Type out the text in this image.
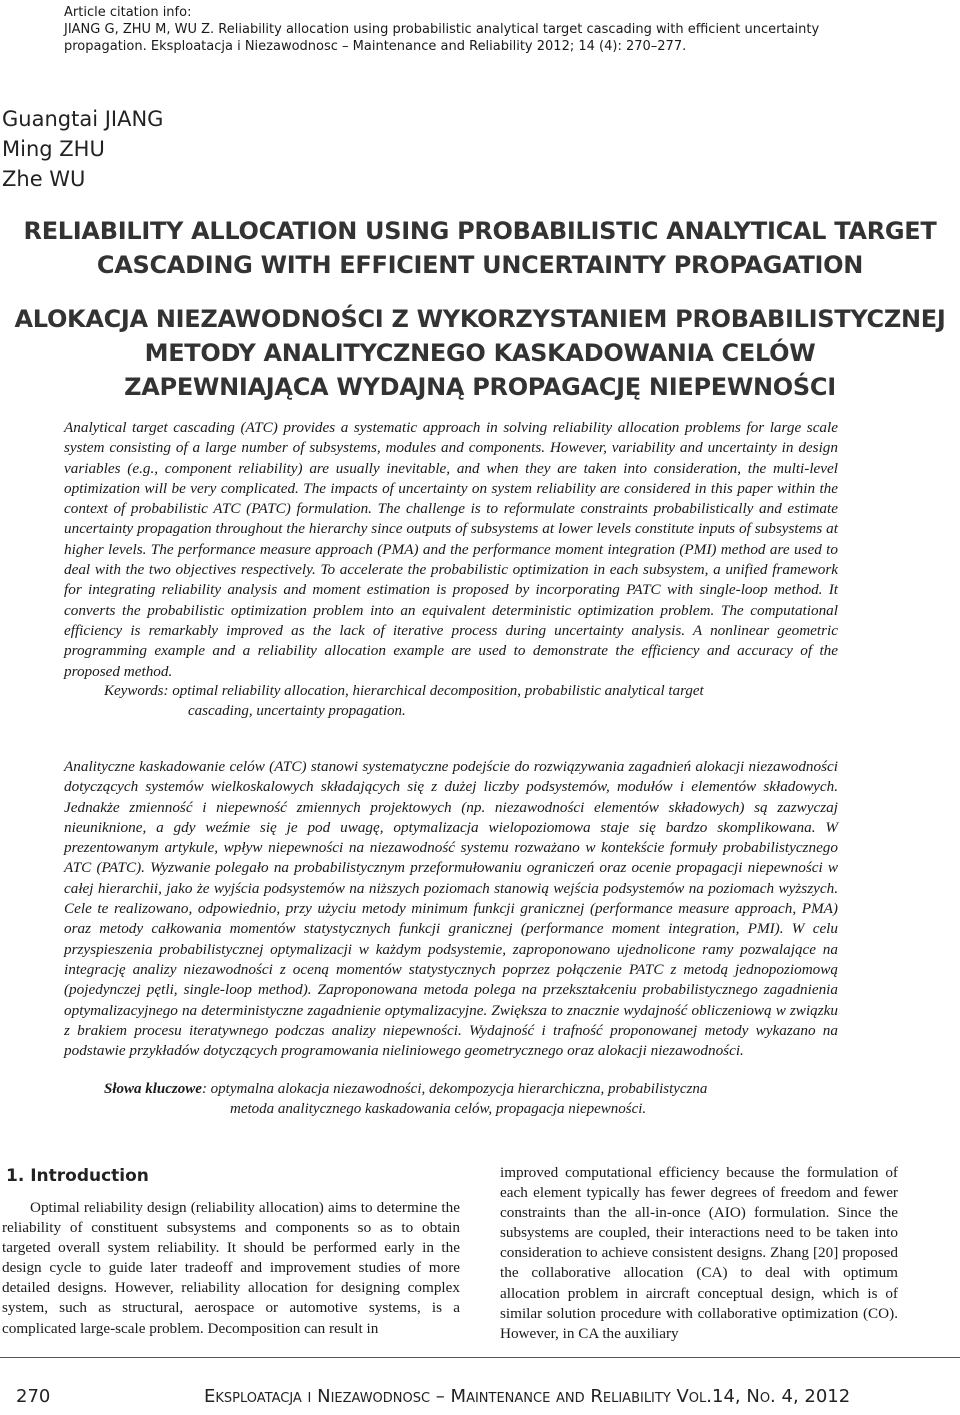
Article citation info:

JIANG G, ZHU M, WU Z. Reliability allocation using probabilistic analytical target cascading with efficient uncertainty propagation. Eksploatacja i Niezawodnosc – Maintenance and Reliability 2012; 14 (4): 270–277.

Guangtai JIANG
Ming ZHU
Zhe WU
RELIABILITY ALLOCATION USING PROBABILISTIC ANALYTICAL TARGET
CASCADING WITH EFFICIENT UNCERTAINTY PROPAGATION
ALOKACJA NIEZAWODNOŚCI Z WYKORZYSTANIEM PROBABILISTYCZNEJ
METODY ANALITYCZNEGO KASKADOWANIA CELÓW
ZAPEWNIAJĄCA WYDAJNĄ PROPAGACJĘ NIEPEWNOŚCI

Analytical target cascading (ATC) provides a systematic approach in solving reliability allocation problems for large scale system consisting of a large number of subsystems, modules and components. However, variability and uncertainty in design variables (e.g., component reliability) are usually inevitable, and when they are taken into consideration, the multi-level optimization will be very complicated. The impacts of uncertainty on system reliability are considered in this paper within the context of probabilistic ATC (PATC) formulation. The challenge is to reformulate constraints probabilistically and estimate uncertainty propagation throughout the hierarchy since outputs of subsystems at lower levels constitute inputs of subsystems at higher levels. The performance measure approach (PMA) and the performance moment integration (PMI) method are used to deal with the two objectives respectively. To accelerate the probabilistic optimization in each subsystem, a unified framework for integrating reliability analysis and moment estimation is proposed by incorporating PATC with single-loop method. It converts the probabilistic optimization problem into an equivalent deterministic optimization problem. The computational efficiency is remarkably improved as the lack of iterative process during uncertainty analysis. A nonlinear geometric programming example and a reliability allocation example are used to demonstrate the efficiency and accuracy of the proposed method.

Keywords: optimal reliability allocation, hierarchical decomposition, probabilistic analytical target
cascading, uncertainty propagation.

Analityczne kaskadowanie celów (ATC) stanowi systematyczne podejście do rozwiązywania zagadnień alokacji niezawodności dotyczących systemów wielkoskalowych składających się z dużej liczby podsystemów, modułów i elementów składowych. Jednakże zmienność i niepewność zmiennych projektowych (np. niezawodności elementów składowych) są zazwyczaj nieuniknione, a gdy weźmie się je pod uwagę, optymalizacja wielopoziomowa staje się bardzo skomplikowana. W prezentowanym artykule, wpływ niepewności na niezawodność systemu rozważano w kontekście formuły probabilistycznego ATC (PATC). Wyzwanie polegało na probabilistycznym przeformułowaniu ograniczeń oraz ocenie propagacji niepewności w całej hierarchii, jako że wyjścia podsystemów na niższych poziomach stanowią wejścia podsystemów na poziomach wyższych. Cele te realizowano, odpowiednio, przy użyciu metody minimum funkcji granicznej (performance measure approach, PMA) oraz metody całkowania momentów statystycznych funkcji granicznej (performance moment integration, PMI). W celu przyspieszenia probabilistycznej optymalizacji w każdym podsystemie, zaproponowano ujednolicone ramy pozwalające na integrację analizy niezawodności z oceną momentów statystycznych poprzez połączenie PATC z metodą jednopoziomową (pojedynczej pętli, single-loop method). Zaproponowana metoda polega na przekształceniu probabilistycznego zagadnienia optymalizacyjnego na deterministyczne zagadnienie optymalizacyjne. Zwiększa to znacznie wydajność obliczeniową w związku z brakiem procesu iteratywnego podczas analizy niepewności. Wydajność i trafność proponowanej metody wykazano na podstawie przykładów dotyczących programowania nieliniowego geometrycznego oraz alokacji niezawodności.

Słowa kluczowe: optymalna alokacja niezawodności, dekompozycja hierarchiczna, probabilistyczna
metoda analitycznego kaskadowania celów, propagacja niepewności.
1. Introduction

Optimal reliability design (reliability allocation) aims to determine the reliability of constituent subsystems and components so as to obtain targeted overall system reliability. It should be performed early in the design cycle to guide later tradeoff and improvement studies of more detailed designs. However, reliability allocation for designing complex system, such as structural, aerospace or automotive systems, is a complicated large-scale problem. Decomposition can result in

improved computational efficiency because the formulation of each element typically has fewer degrees of freedom and fewer constraints than the all-in-once (AIO) formulation. Since the subsystems are coupled, their interactions need to be taken into consideration to achieve consistent designs. Zhang [20] proposed the collaborative allocation (CA) to deal with optimum allocation problem in aircraft conceptual design, which is of similar solution procedure with collaborative optimization (CO). However, in CA the auxiliary

270	Eksploatacja i Niezawodnosc – Maintenance and Reliability Vol.14, No. 4, 2012
